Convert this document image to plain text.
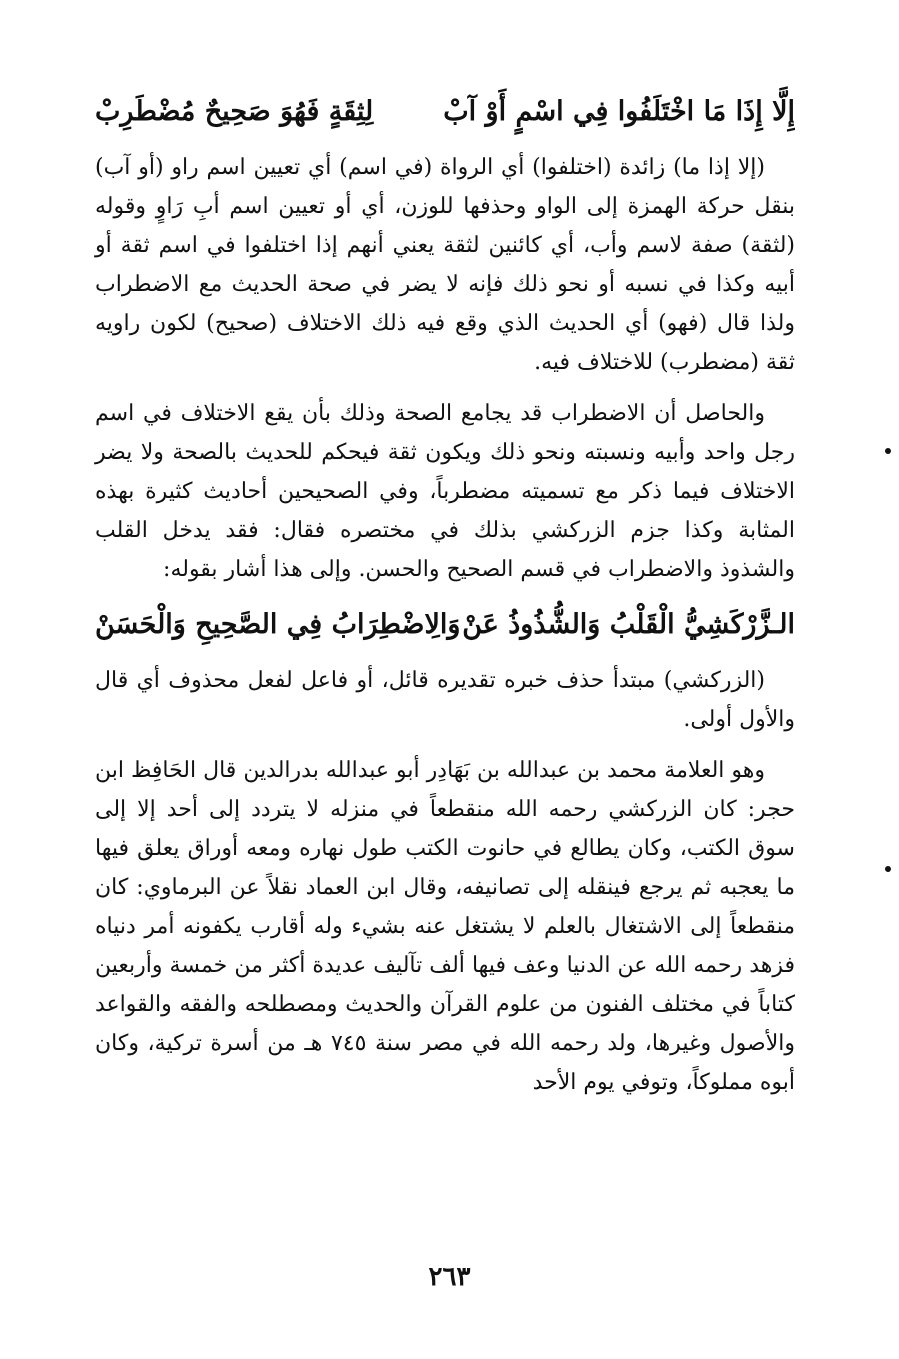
إِلَّا إِذَا مَا اخْتَلَفُوا فِي اسْمٍ أَوْ آبْ
لِثِقَةٍ فَهُوَ صَحِيحٌ مُضْطَرِبْ

(إلا إذا ما) زائدة (اختلفوا) أي الرواة (في اسم) أي تعيين اسم راو (أو آب) بنقل حركة الهمزة إلى الواو وحذفها للوزن، أي أو تعيين اسم أبِ رَاوٍ وقوله (لثقة) صفة لاسم وأب، أي كائنين لثقة يعني أنهم إذا اختلفوا في اسم ثقة أو أبيه وكذا في نسبه أو نحو ذلك فإنه لا يضر في صحة الحديث مع الاضطراب ولذا قال (فهو) أي الحديث الذي وقع فيه ذلك الاختلاف (صحيح) لكون راويه ثقة (مضطرب) للاختلاف فيه.

والحاصل أن الاضطراب قد يجامع الصحة وذلك بأن يقع الاختلاف في اسم رجل واحد وأبيه ونسبته ونحو ذلك ويكون ثقة فيحكم للحديث بالصحة ولا يضر الاختلاف فيما ذكر مع تسميته مضطرباً، وفي الصحيحين أحاديث كثيرة بهذه المثابة وكذا جزم الزركشي بذلك في مختصره فقال: فقد يدخل القلب والشذوذ والاضطراب في قسم الصحيح والحسن. وإلى هذا أشار بقوله:

الـزَّرْكَشِيُّ الْقَلْبُ وَالشُّذُوذُ عَنْ
وَالِاضْطِرَابُ فِي الصَّحِيحِ وَالْحَسَنْ

(الزركشي) مبتدأ حذف خبره تقديره قائل، أو فاعل لفعل محذوف أي قال والأول أولى.

وهو العلامة محمد بن عبدالله بن بَهَادِر أبو عبدالله بدرالدين قال الحَافِظ ابن حجر: كان الزركشي رحمه الله منقطعاً في منزله لا يتردد إلى أحد إلا إلى سوق الكتب، وكان يطالع في حانوت الكتب طول نهاره ومعه أوراق يعلق فيها ما يعجبه ثم يرجع فينقله إلى تصانيفه، وقال ابن العماد نقلاً عن البرماوي: كان منقطعاً إلى الاشتغال بالعلم لا يشتغل عنه بشيء وله أقارب يكفونه أمر دنياه فزهد رحمه الله عن الدنيا وعف فيها ألف تآليف عديدة أكثر من خمسة وأربعين كتاباً في مختلف الفنون من علوم القرآن والحديث ومصطلحه والفقه والقواعد والأصول وغيرها، ولد رحمه الله في مصر سنة ٧٤٥ هـ من أسرة تركية، وكان أبوه مملوكاً، وتوفي يوم الأحد

٢٦٣
